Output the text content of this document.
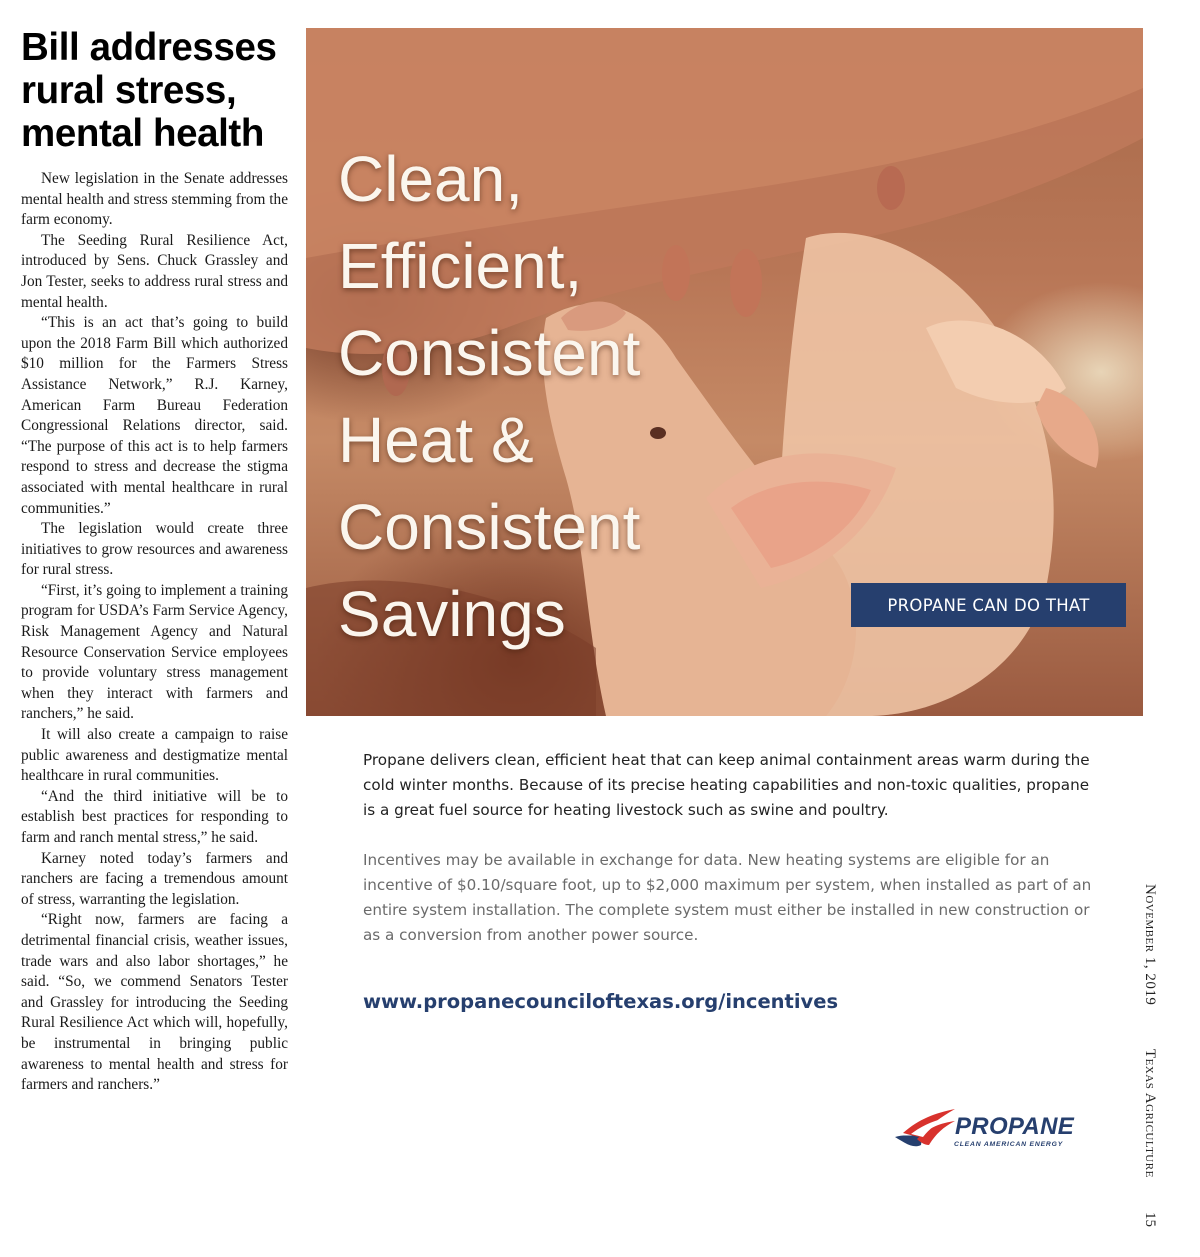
Bill addresses rural stress, mental health

New legislation in the Senate addresses mental health and stress stemming from the farm economy.

The Seeding Rural Resilience Act, introduced by Sens. Chuck Grassley and Jon Tester, seeks to address rural stress and mental health.

“This is an act that’s going to build upon the 2018 Farm Bill which authorized $10 million for the Farmers Stress Assistance Network,” R.J. Karney, American Farm Bureau Federation Congressional Relations director, said. “The purpose of this act is to help farmers respond to stress and decrease the stigma associated with mental healthcare in rural communities.”

The legislation would create three initiatives to grow resources and awareness for rural stress.

“First, it’s going to implement a training program for USDA’s Farm Service Agency, Risk Management Agency and Natural Resource Conservation Service employees to provide voluntary stress management when they interact with farmers and ranchers,” he said.

It will also create a campaign to raise public awareness and destigmatize mental healthcare in rural communities.

“And the third initiative will be to establish best practices for responding to farm and ranch mental stress,” he said.

Karney noted today’s farmers and ranchers are facing a tremendous amount of stress, warranting the legislation.

“Right now, farmers are facing a detrimental financial crisis, weather issues, trade wars and also labor shortages,” he said. “So, we commend Senators Tester and Grassley for introducing the Seeding Rural Resilience Act which will, hopefully, be instrumental in bringing public awareness to mental health and stress for farmers and ranchers.”

Clean,
Efficient,
Consistent
Heat &
Consistent
Savings	PROPANE CAN DO THAT

Propane delivers clean, efficient heat that can keep animal containment areas warm during the cold winter months. Because of its precise heating capabilities and non-toxic qualities, propane is a great fuel source for heating livestock such as swine and poultry.

Incentives may be available in exchange for data. New heating systems are eligible for an incentive of $0.10/square foot, up to $2,000 maximum per system, when installed as part of an entire system installation. The complete system must either be installed in new construction or as a conversion from another power source.

www.propanecounciloftexas.org/incentives
PROPANE
CLEAN AMERICAN ENERGY
November 1, 2019
Texas Agriculture
15
